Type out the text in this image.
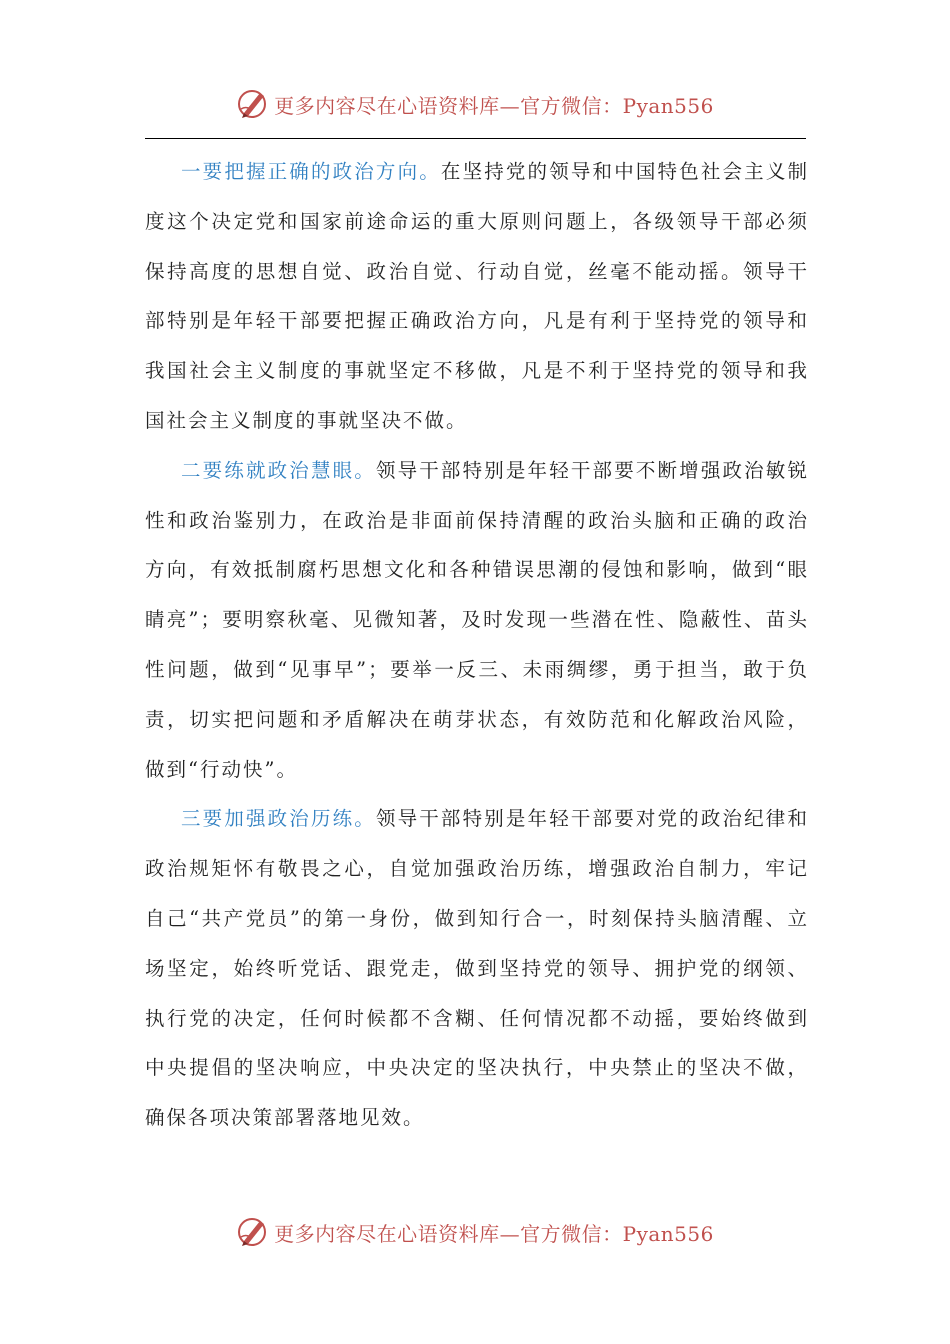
更多内容尽在心语资料库—官方微信：Pyan556

一要把握正确的政治方向。在坚持党的领导和中国特色社会主义制度这个决定党和国家前途命运的重大原则问题上，各级领导干部必须保持高度的思想自觉、政治自觉、行动自觉，丝毫不能动摇。领导干部特别是年轻干部要把握正确政治方向，凡是有利于坚持党的领导和我国社会主义制度的事就坚定不移做，凡是不利于坚持党的领导和我国社会主义制度的事就坚决不做。

二要练就政治慧眼。领导干部特别是年轻干部要不断增强政治敏锐性和政治鉴别力，在政治是非面前保持清醒的政治头脑和正确的政治方向，有效抵制腐朽思想文化和各种错误思潮的侵蚀和影响，做到“眼睛亮”；要明察秋毫、见微知著，及时发现一些潜在性、隐蔽性、苗头性问题，做到“见事早”；要举一反三、未雨绸缪，勇于担当，敢于负责，切实把问题和矛盾解决在萌芽状态，有效防范和化解政治风险，做到“行动快”。

三要加强政治历练。领导干部特别是年轻干部要对党的政治纪律和政治规矩怀有敬畏之心，自觉加强政治历练，增强政治自制力，牢记自己“共产党员”的第一身份，做到知行合一，时刻保持头脑清醒、立场坚定，始终听党话、跟党走，做到坚持党的领导、拥护党的纲领、执行党的决定，任何时候都不含糊、任何情况都不动摇，要始终做到中央提倡的坚决响应，中央决定的坚决执行，中央禁止的坚决不做，确保各项决策部署落地见效。

更多内容尽在心语资料库—官方微信：Pyan556
